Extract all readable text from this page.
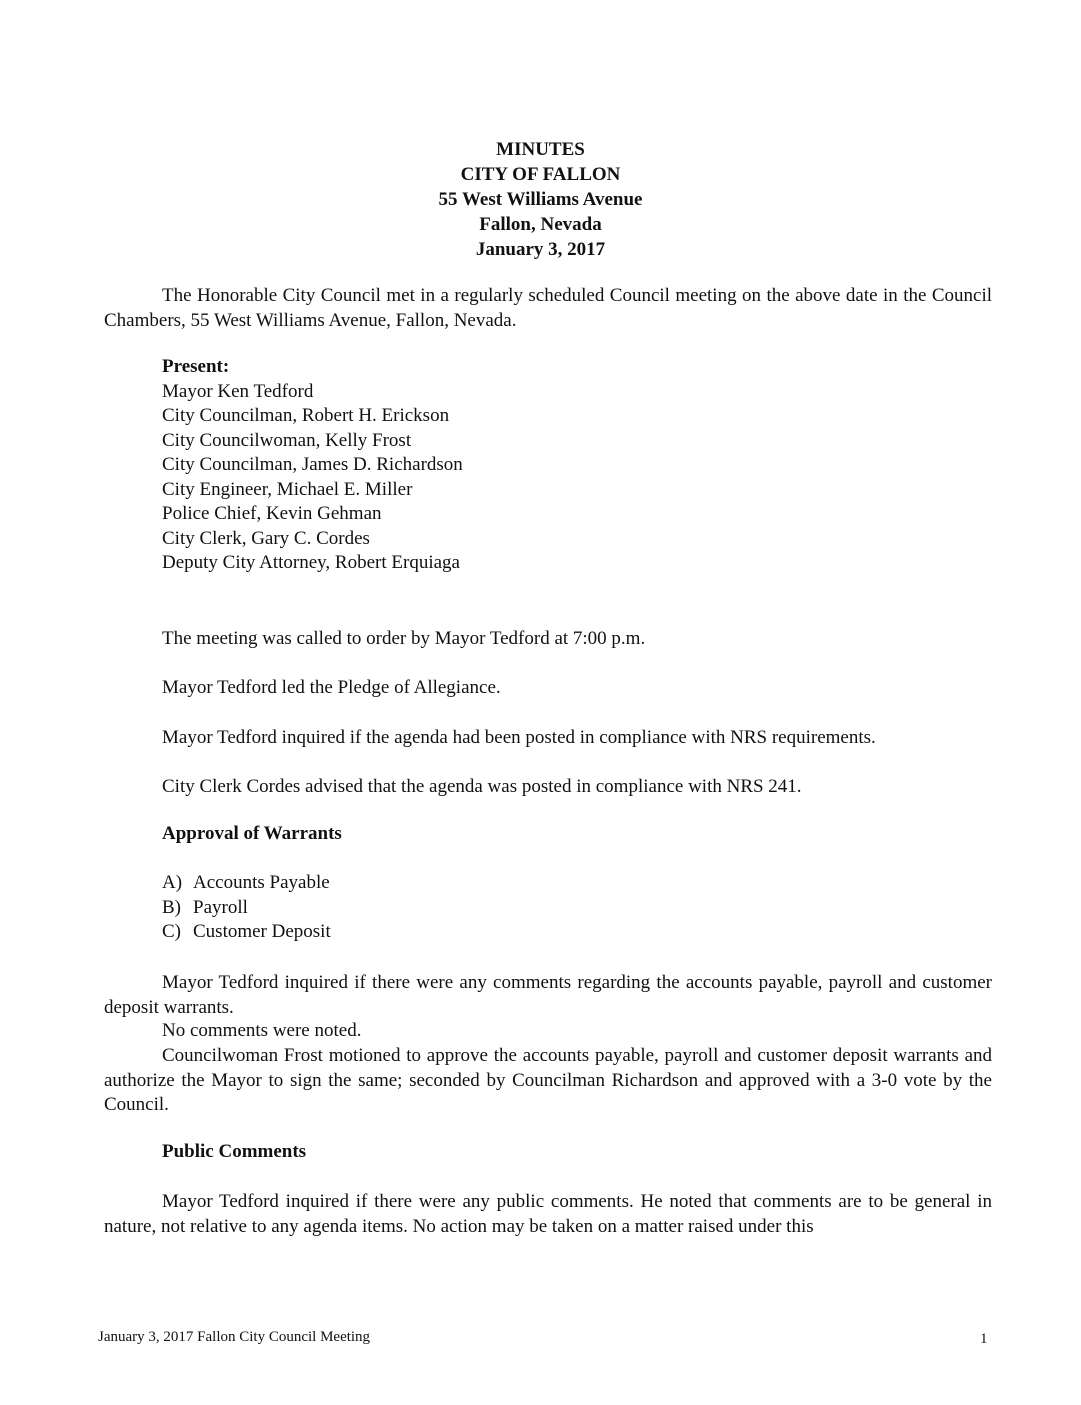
MINUTES
CITY OF FALLON
55 West Williams Avenue
Fallon, Nevada
January 3, 2017
The Honorable City Council met in a regularly scheduled Council meeting on the above date in the Council Chambers, 55 West Williams Avenue, Fallon, Nevada.
Present:
Mayor Ken Tedford
City Councilman, Robert H. Erickson
City Councilwoman, Kelly Frost
City Councilman, James D. Richardson
City Engineer, Michael E. Miller
Police Chief, Kevin Gehman
City Clerk, Gary C. Cordes
Deputy City Attorney, Robert Erquiaga
The meeting was called to order by Mayor Tedford at 7:00 p.m.
Mayor Tedford led the Pledge of Allegiance.
Mayor Tedford inquired if the agenda had been posted in compliance with NRS requirements.
City Clerk Cordes advised that the agenda was posted in compliance with NRS 241.
Approval of Warrants
A) Accounts Payable
B) Payroll
C) Customer Deposit
Mayor Tedford inquired if there were any comments regarding the accounts payable, payroll and customer deposit warrants.
No comments were noted.
Councilwoman Frost motioned to approve the accounts payable, payroll and customer deposit warrants and authorize the Mayor to sign the same; seconded by Councilman Richardson and approved with a 3-0 vote by the Council.
Public Comments
Mayor Tedford inquired if there were any public comments. He noted that comments are to be general in nature, not relative to any agenda items. No action may be taken on a matter raised under this
January 3, 2017 Fallon City Council Meeting	1
